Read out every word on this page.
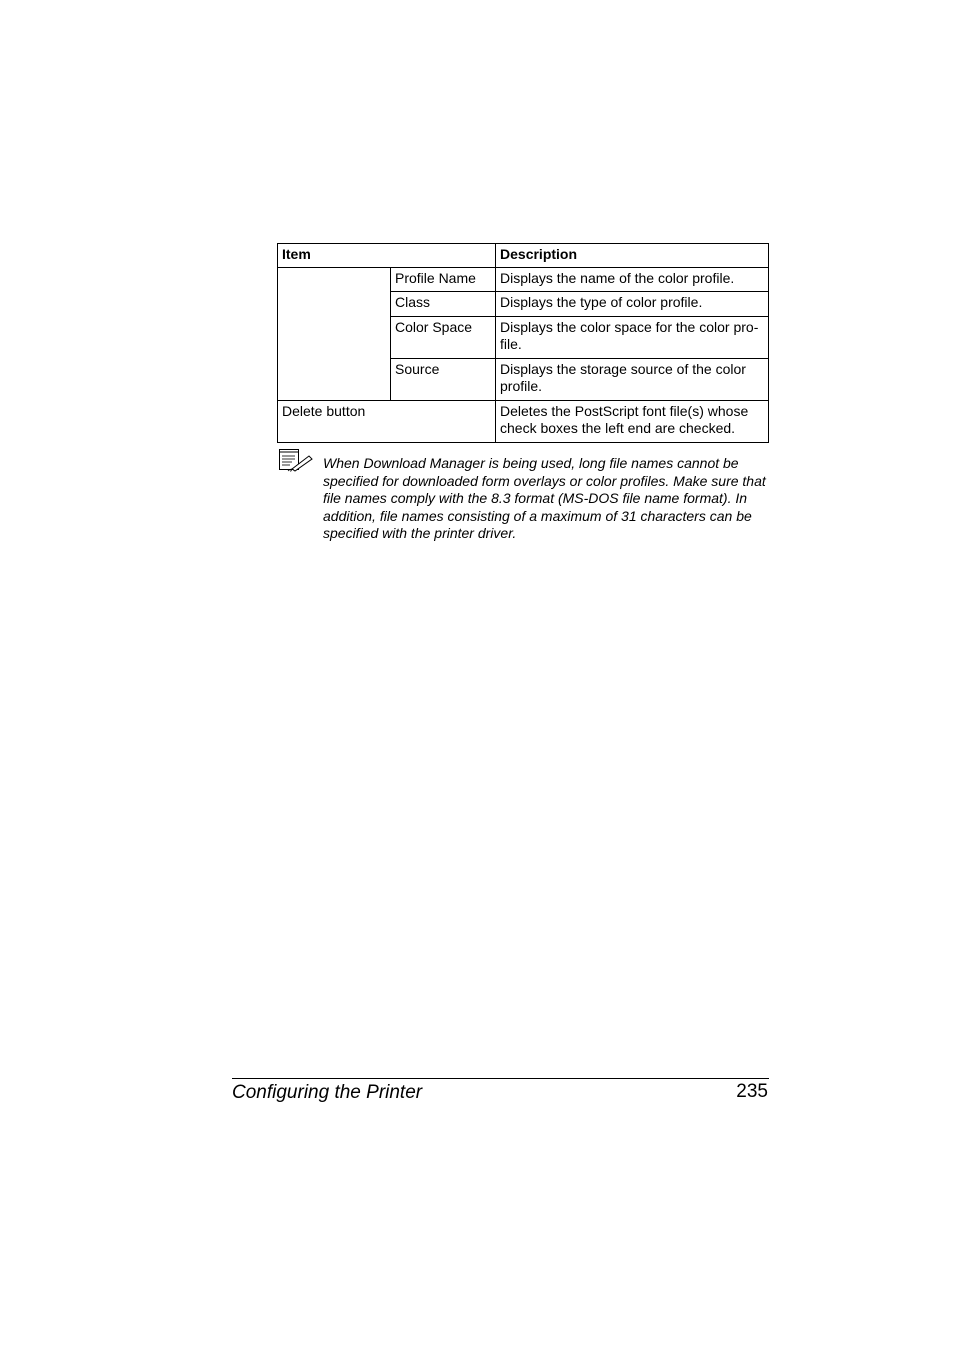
Item		Description
	Profile Name	Displays the name of the color profile.
	Class	Displays the type of color profile.
	Color Space	Displays the color space for the color pro-file.
	Source	Displays the storage source of the color profile.
Delete button		Deletes the PostScript font file(s) whose check boxes the left end are checked.

When Download Manager is being used, long file names cannot be specified for downloaded form overlays or color profiles. Make sure that file names comply with the 8.3 format (MS-DOS file name format). In addition, file names consisting of a maximum of 31 characters can be specified with the printer driver.

Configuring the Printer	235
